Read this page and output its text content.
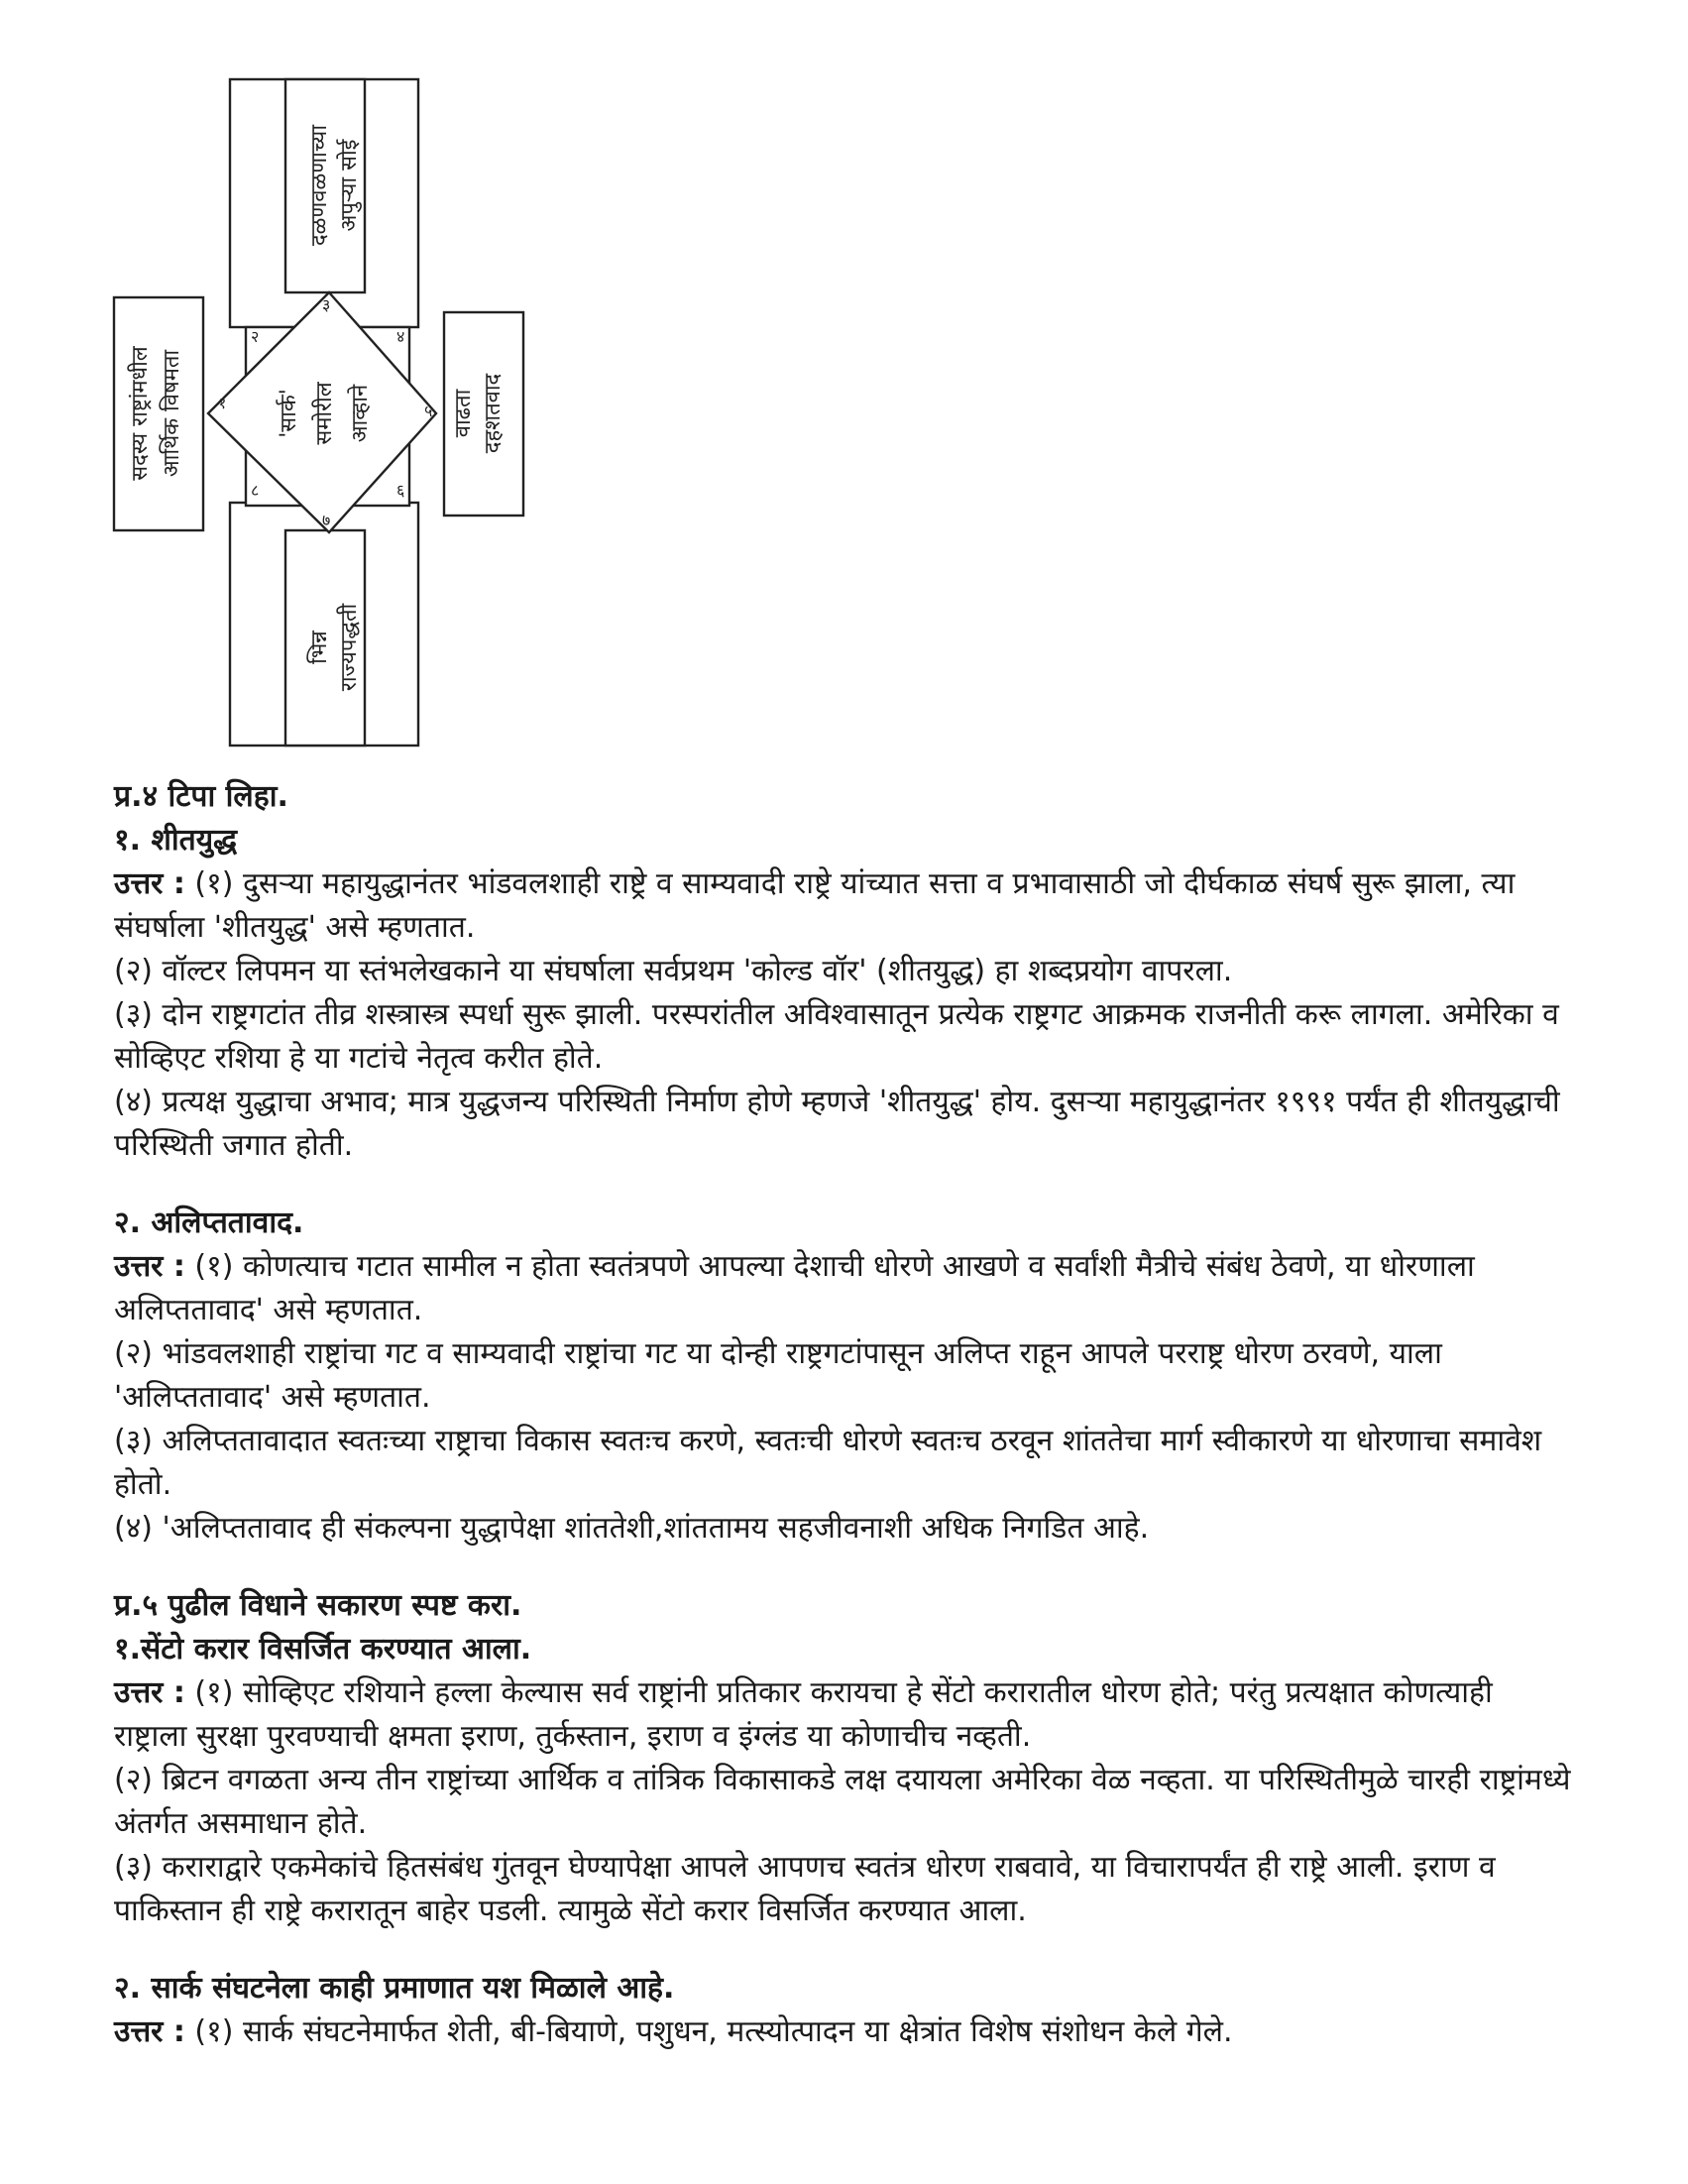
दळणवळणाच्या अपुऱ्या सोई
भिन्न राज्यपद्धती
सदस्य राष्ट्रांमधील आर्थिक विषमता	वाढता दहशतवाद
'सार्क' समोरील आव्हाने
१
२
३
४
५
६
७
८

प्र.४ टिपा लिहा.

१. शीतयुद्ध

उत्तर : (१) दुसऱ्या महायुद्धानंतर भांडवलशाही राष्ट्रे व साम्यवादी राष्ट्रे यांच्यात सत्ता व प्रभावासाठी जो दीर्घकाळ संघर्ष सुरू झाला, त्या संघर्षाला 'शीतयुद्ध' असे म्हणतात.

(२) वॉल्टर लिपमन या स्तंभलेखकाने या संघर्षाला सर्वप्रथम 'कोल्ड वॉर' (शीतयुद्ध) हा शब्दप्रयोग वापरला.

(३) दोन राष्ट्रगटांत तीव्र शस्त्रास्त्र स्पर्धा सुरू झाली. परस्परांतील अविश्वासातून प्रत्येक राष्ट्रगट आक्रमक राजनीती करू लागला. अमेरिका व सोव्हिएट रशिया हे या गटांचे नेतृत्व करीत होते.

(४) प्रत्यक्ष युद्धाचा अभाव; मात्र युद्धजन्य परिस्थिती निर्माण होणे म्हणजे 'शीतयुद्ध' होय. दुसऱ्या महायुद्धानंतर १९९१ पर्यंत ही शीतयुद्धाची परिस्थिती जगात होती.

२. अलिप्ततावाद.

उत्तर : (१) कोणत्याच गटात सामील न होता स्वतंत्रपणे आपल्या देशाची धोरणे आखणे व सर्वांशी मैत्रीचे संबंध ठेवणे, या धोरणाला अलिप्ततावाद' असे म्हणतात.

(२) भांडवलशाही राष्ट्रांचा गट व साम्यवादी राष्ट्रांचा गट या दोन्ही राष्ट्रगटांपासून अलिप्त राहून आपले परराष्ट्र धोरण ठरवणे, याला 'अलिप्ततावाद' असे म्हणतात.

(३) अलिप्ततावादात स्वतःच्या राष्ट्राचा विकास स्वतःच करणे, स्वतःची धोरणे स्वतःच ठरवून शांततेचा मार्ग स्वीकारणे या धोरणाचा समावेश होतो.

(४) 'अलिप्ततावाद ही संकल्पना युद्धापेक्षा शांततेशी,शांततामय सहजीवनाशी अधिक निगडित आहे.

प्र.५ पुढील विधाने सकारण स्पष्ट करा.

१.सेंटो करार विसर्जित करण्यात आला.

उत्तर : (१) सोव्हिएट रशियाने हल्ला केल्यास सर्व राष्ट्रांनी प्रतिकार करायचा हे सेंटो करारातील धोरण होते; परंतु प्रत्यक्षात कोणत्याही राष्ट्राला सुरक्षा पुरवण्याची क्षमता इराण, तुर्कस्तान, इराण व इंग्लंड या कोणाचीच नव्हती.

(२) ब्रिटन वगळता अन्य तीन राष्ट्रांच्या आर्थिक व तांत्रिक विकासाकडे लक्ष दयायला अमेरिका वेळ नव्हता. या परिस्थितीमुळे चारही राष्ट्रांमध्ये अंतर्गत असमाधान होते.

(३) कराराद्वारे एकमेकांचे हितसंबंध गुंतवून घेण्यापेक्षा आपले आपणच स्वतंत्र धोरण राबवावे, या विचारापर्यंत ही राष्ट्रे आली. इराण व पाकिस्तान ही राष्ट्रे करारातून बाहेर पडली. त्यामुळे सेंटो करार विसर्जित करण्यात आला.

२. सार्क संघटनेला काही प्रमाणात यश मिळाले आहे.

उत्तर : (१) सार्क संघटनेमार्फत शेती, बी-बियाणे, पशुधन, मत्स्योत्पादन या क्षेत्रांत विशेष संशोधन केले गेले.
